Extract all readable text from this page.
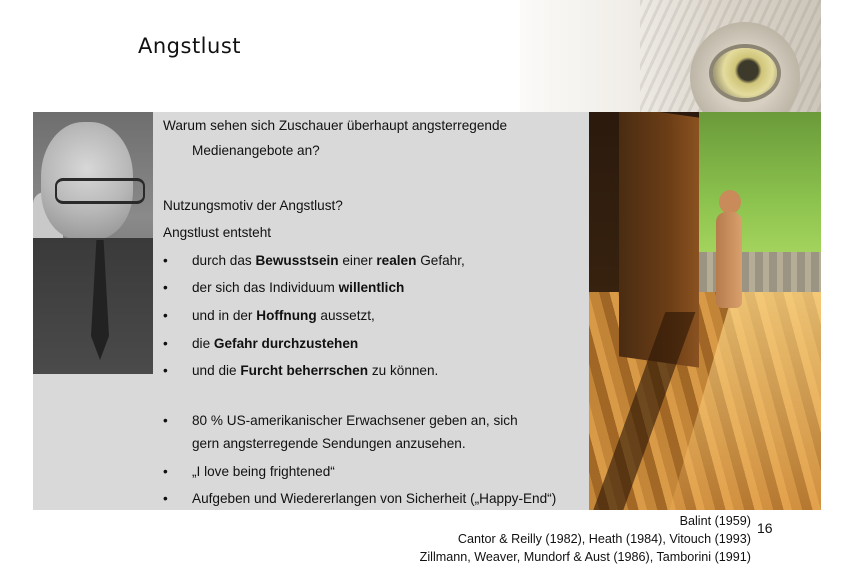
Angstlust
Warum sehen sich Zuschauer überhaupt angsterregende
Medienangebote an?
Nutzungsmotiv der Angstlust?
Angstlust entsteht
• durch das Bewusstsein einer realen Gefahr,
• der sich das Individuum willentlich
• und in der Hoffnung aussetzt,
• die Gefahr durchzustehen
• und die Furcht beherrschen zu können.
• 80 % US-amerikanischer Erwachsener geben an, sich
gern angsterregende Sendungen anzusehen.
• „I love being frightened“
• Aufgeben und Wiedererlangen von Sicherheit („Happy-End“)
Balint (1959)
Cantor & Reilly (1982), Heath (1984), Vitouch (1993)
Zillmann, Weaver, Mundorf & Aust (1986), Tamborini (1991)
16
